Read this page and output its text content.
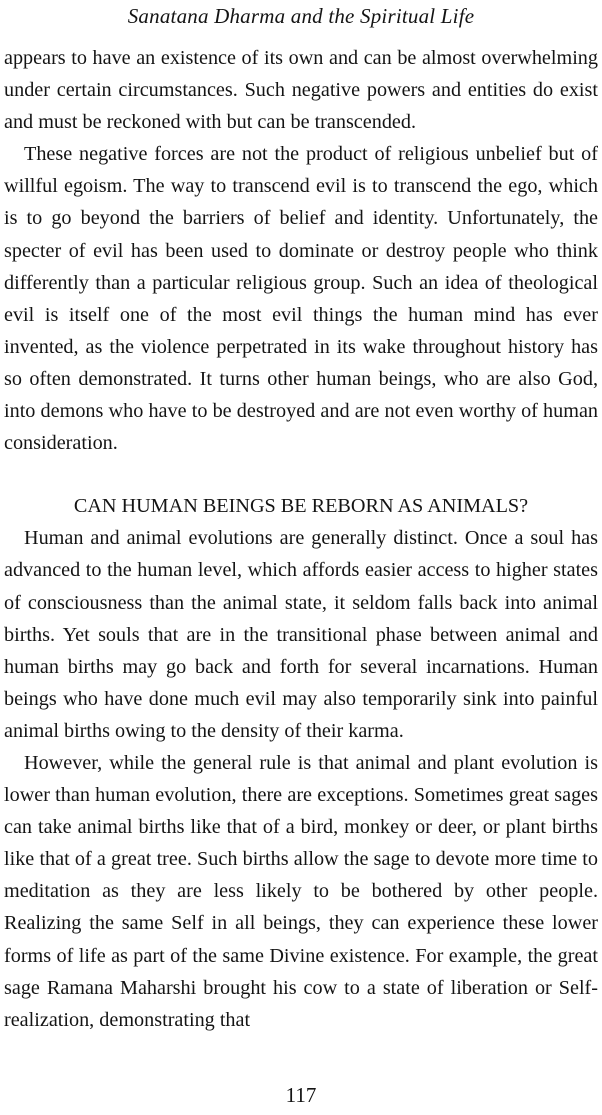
Sanatana Dharma and the Spiritual Life

appears to have an existence of its own and can be almost overwhelming under certain circumstances. Such negative powers and entities do exist and must be reckoned with but can be transcended.

These negative forces are not the product of religious unbelief but of willful egoism. The way to transcend evil is to transcend the ego, which is to go beyond the barriers of belief and identity. Unfortunately, the specter of evil has been used to dominate or destroy people who think differently than a particular religious group. Such an idea of theological evil is itself one of the most evil things the human mind has ever invented, as the violence perpetrated in its wake throughout history has so often demonstrated. It turns other human beings, who are also God, into demons who have to be destroyed and are not even worthy of human consideration.

CAN HUMAN BEINGS BE REBORN AS ANIMALS?

Human and animal evolutions are generally distinct. Once a soul has advanced to the human level, which affords easier access to higher states of consciousness than the animal state, it seldom falls back into animal births. Yet souls that are in the transitional phase between animal and human births may go back and forth for several incarnations. Human beings who have done much evil may also temporarily sink into painful animal births owing to the density of their karma.

However, while the general rule is that animal and plant evolution is lower than human evolution, there are exceptions. Sometimes great sages can take animal births like that of a bird, monkey or deer, or plant births like that of a great tree. Such births allow the sage to devote more time to meditation as they are less likely to be bothered by other people. Realizing the same Self in all beings, they can experience these lower forms of life as part of the same Divine existence. For example, the great sage Ramana Maharshi brought his cow to a state of liberation or Self-realization, demonstrating that

117
